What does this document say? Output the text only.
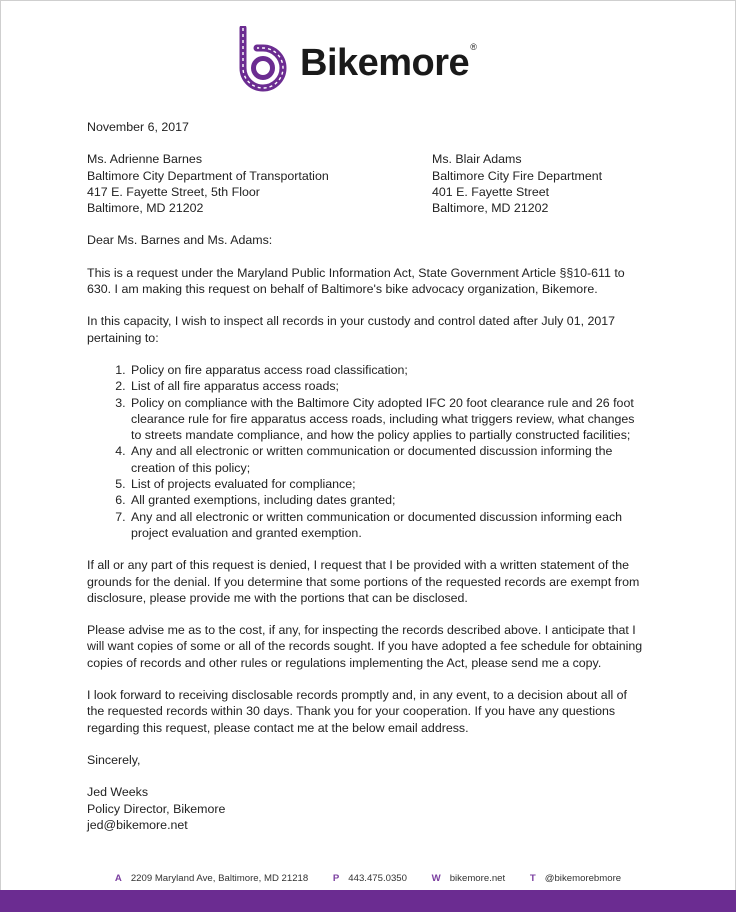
Bikemore ®

November 6, 2017

Ms. Adrienne Barnes
Baltimore City Department of Transportation
417 E. Fayette Street, 5th Floor
Baltimore, MD 21202
Ms. Blair Adams
Baltimore City Fire Department
401 E. Fayette Street
Baltimore, MD 21202

Dear Ms. Barnes and Ms. Adams:

This is a request under the Maryland Public Information Act, State Government Article §§10-611 to 630. I am making this request on behalf of Baltimore's bike advocacy organization, Bikemore.

In this capacity, I wish to inspect all records in your custody and control dated after July 01, 2017 pertaining to:

1. Policy on fire apparatus access road classification;
2. List of all fire apparatus access roads;
3. Policy on compliance with the Baltimore City adopted IFC 20 foot clearance rule and 26 foot clearance rule for fire apparatus access roads, including what triggers review, what changes to streets mandate compliance, and how the policy applies to partially constructed facilities;
4. Any and all electronic or written communication or documented discussion informing the creation of this policy;
5. List of projects evaluated for compliance;
6. All granted exemptions, including dates granted;
7. Any and all electronic or written communication or documented discussion informing each project evaluation and granted exemption.

If all or any part of this request is denied, I request that I be provided with a written statement of the grounds for the denial. If you determine that some portions of the requested records are exempt from disclosure, please provide me with the portions that can be disclosed.

Please advise me as to the cost, if any, for inspecting the records described above. I anticipate that I will want copies of some or all of the records sought. If you have adopted a fee schedule for obtaining copies of records and other rules or regulations implementing the Act, please send me a copy.

I look forward to receiving disclosable records promptly and, in any event, to a decision about all of the requested records within 30 days. Thank you for your cooperation. If you have any questions regarding this request, please contact me at the below email address.

Sincerely,

Jed Weeks
Policy Director, Bikemore
jed@bikemore.net
A 2209 Maryland Ave, Baltimore, MD 21218	P 443.475.0350	W bikemore.net	T @bikemorebmore
